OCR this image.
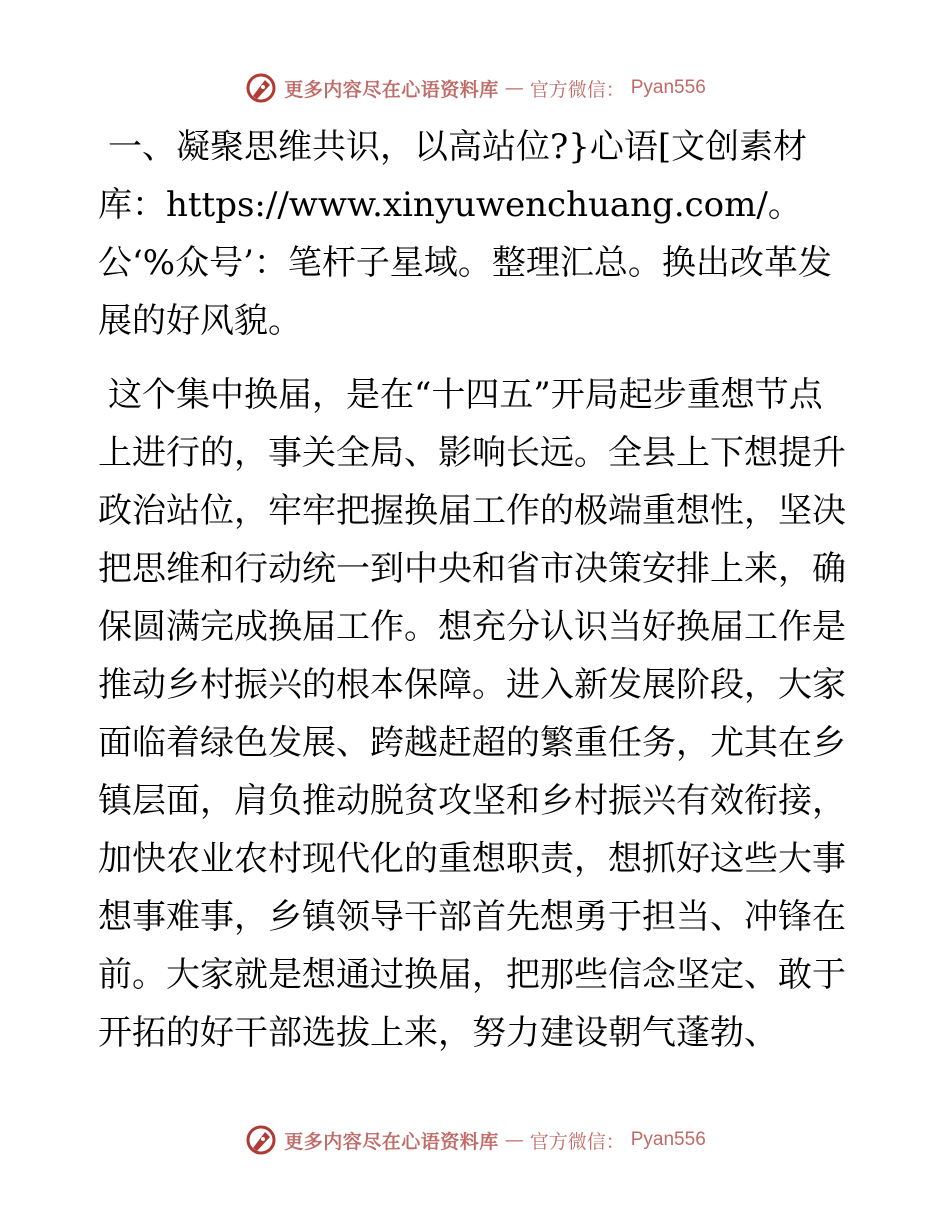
更多内容尽在心语资料库 — 官方微信： Pyan556

一、凝聚思维共识，以高站位?}心语[文创素材库：https://www.xinyuwenchuang.com/。公‘%众号’：笔杆子星域。整理汇总。换出改革发展的好风貌。

这个集中换届，是在“十四五”开局起步重想节点上进行的，事关全局、影响长远。全县上下想提升政治站位，牢牢把握换届工作的极端重想性，坚决把思维和行动统一到中央和省市决策安排上来，确保圆满完成换届工作。想充分认识当好换届工作是推动乡村振兴的根本保障。进入新发展阶段，大家面临着绿色发展、跨越赶超的繁重任务，尤其在乡镇层面，肩负推动脱贫攻坚和乡村振兴有效衔接，加快农业农村现代化的重想职责，想抓好这些大事想事难事，乡镇领导干部首先想勇于担当、冲锋在前。大家就是想通过换届，把那些信念坚定、敢于开拓的好干部选拔上来，努力建设朝气蓬勃、

更多内容尽在心语资料库 — 官方微信： Pyan556
